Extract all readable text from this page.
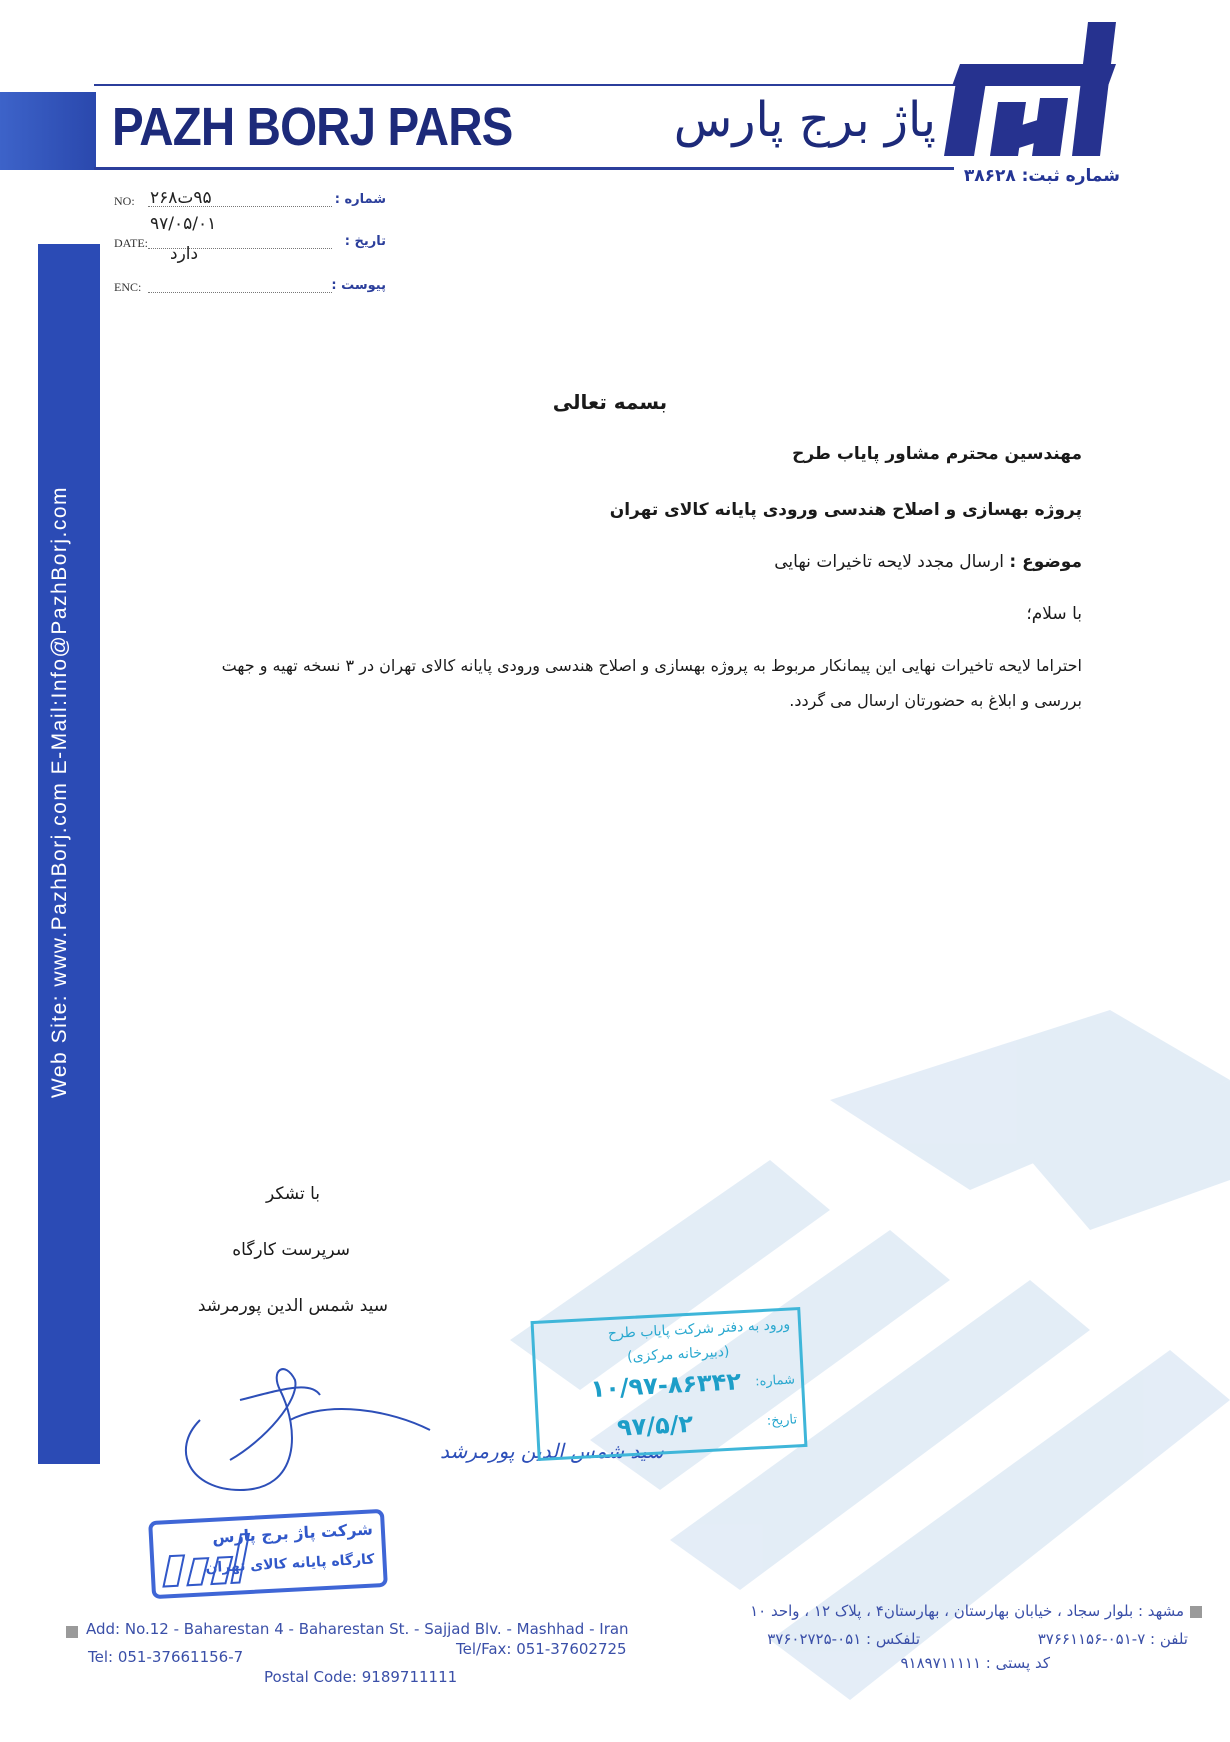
PAZH BORJ PARS	پاژ برج پارس
شماره ثبت: ۳۸۶۲۸
Web Site: www.PazhBorj.com E-Mail:Info@PazhBorj.com
NO:	شماره :
۹۵ت۲۶۸
DATE:	تاریخ :
۹۷/۰۵/۰۱
ENC:	پیوست :
دارد
بسمه تعالی
مهندسین محترم مشاور پایاب طرح
پروژه بهسازی و اصلاح هندسی ورودی پایانه کالای تهران
موضوع : ارسال مجدد لایحه تاخیرات نهایی
با سلام؛
احتراما لایحه تاخیرات نهایی این پیمانکار مربوط به پروژه بهسازی و اصلاح هندسی ورودی پایانه کالای تهران در ۳ نسخه تهیه و جهت
بررسی و ابلاغ به حضورتان ارسال می گردد.
با تشکر
سرپرست کارگاه
سید شمس الدین پورمرشد
سید شمس الدین پورمرشد
شرکت پاژ برج پارس
کارگاه پایانه کالای تهران
ورود به دفتر شرکت پایاب طرح
(دبیرخانه مرکزی)
شماره:
۱۰/۹۷-۸۶۳۴۲
تاریخ:
۹۷/۵/۲
Add: No.12 - Baharestan 4 - Baharestan St. - Sajjad Blv. - Mashhad - Iran
Tel: 051-37661156-7	Tel/Fax: 051-37602725
Postal Code: 9189711111
مشهد : بلوار سجاد ، خیابان بهارستان ، بهارستان۴ ، پلاک ۱۲ ، واحد ۱۰
تلفن : ۷-۰۵۱-۳۷۶۶۱۱۵۶
تلفکس : ۰۵۱-۳۷۶۰۲۷۲۵
کد پستی : ۹۱۸۹۷۱۱۱۱۱
